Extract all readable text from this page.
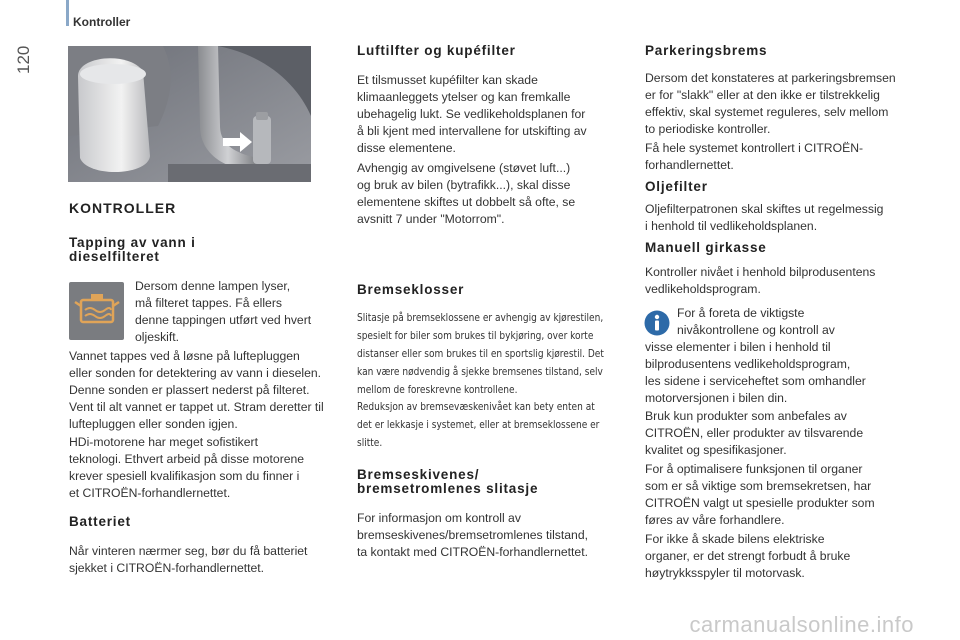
120
Kontroller
KONTROLLER
Tapping av vann i
dieselfilteret

Dersom denne lampen lyser,

må filteret tappes. Få ellers

denne tappingen utført ved hvert

oljeskift.

Vannet tappes ved å løsne på luftepluggen

eller sonden for detektering av vann i dieselen.

Denne sonden er plassert nederst på filteret.

Vent til alt vannet er tappet ut. Stram deretter til

luftepluggen eller sonden igjen.

HDi-motorene har meget sofistikert

teknologi. Ethvert arbeid på disse motorene

krever spesiell kvalifikasjon som du finner i

et CITROËN-forhandlernettet.

Batteriet

Når vinteren nærmer seg, bør du få batteriet

sjekket i CITROËN-forhandlernettet.

Luftilfter og kupéfilter

Et tilsmusset kupéfilter kan skade

klimaanleggets ytelser og kan fremkalle

ubehagelig lukt. Se vedlikeholdsplanen for

å bli kjent med intervallene for utskifting av

disse elementene.

Avhengig av omgivelsene (støvet luft...)

og bruk av bilen (bytrafikk...), skal disse

elementene skiftes ut dobbelt så ofte, se

avsnitt 7 under "Motorrom".

Bremseklosser

Slitasje på bremseklossene er avhengig av kjørestilen,

spesielt for biler som brukes til bykjøring, over korte

distanser eller som brukes til en sportslig kjørestil. Det

kan være nødvendig å sjekke bremsenes tilstand, selv

mellom de foreskrevne kontrollene.

Reduksjon av bremsevæskenivået kan bety enten at

det er lekkasje i systemet, eller at bremseklossene er

slitte.

Bremseskivenes/
bremsetromlenes slitasje

For informasjon om kontroll av

bremseskivenes/bremsetromlenes tilstand,

ta kontakt med CITROËN-forhandlernettet.

Parkeringsbrems

Dersom det konstateres at parkeringsbremsen

er for "slakk" eller at den ikke er tilstrekkelig

effektiv, skal systemet reguleres, selv mellom

to periodiske kontroller.

Få hele systemet kontrollert i CITROËN-

forhandlernettet.

Oljefilter

Oljefilterpatronen skal skiftes ut regelmessig

i henhold til vedlikeholdsplanen.

Manuell girkasse

Kontroller nivået i henhold bilprodusentens

vedlikeholdsprogram.

For å foreta de viktigste

nivåkontrollene og kontroll av

visse elementer i bilen i henhold til

bilprodusentens vedlikeholdsprogram,

les sidene i serviceheftet som omhandler

motorversjonen i bilen din.

Bruk kun produkter som anbefales av

CITROËN, eller produkter av tilsvarende

kvalitet og spesifikasjoner.

For å optimalisere funksjonen til organer

som er så viktige som bremsekretsen, har

CITROËN valgt ut spesielle produkter som

føres av våre forhandlere.

For ikke å skade bilens elektriske

organer, er det strengt forbudt å bruke

høytrykksspyler til motorvask.

carmanualsonline.info
